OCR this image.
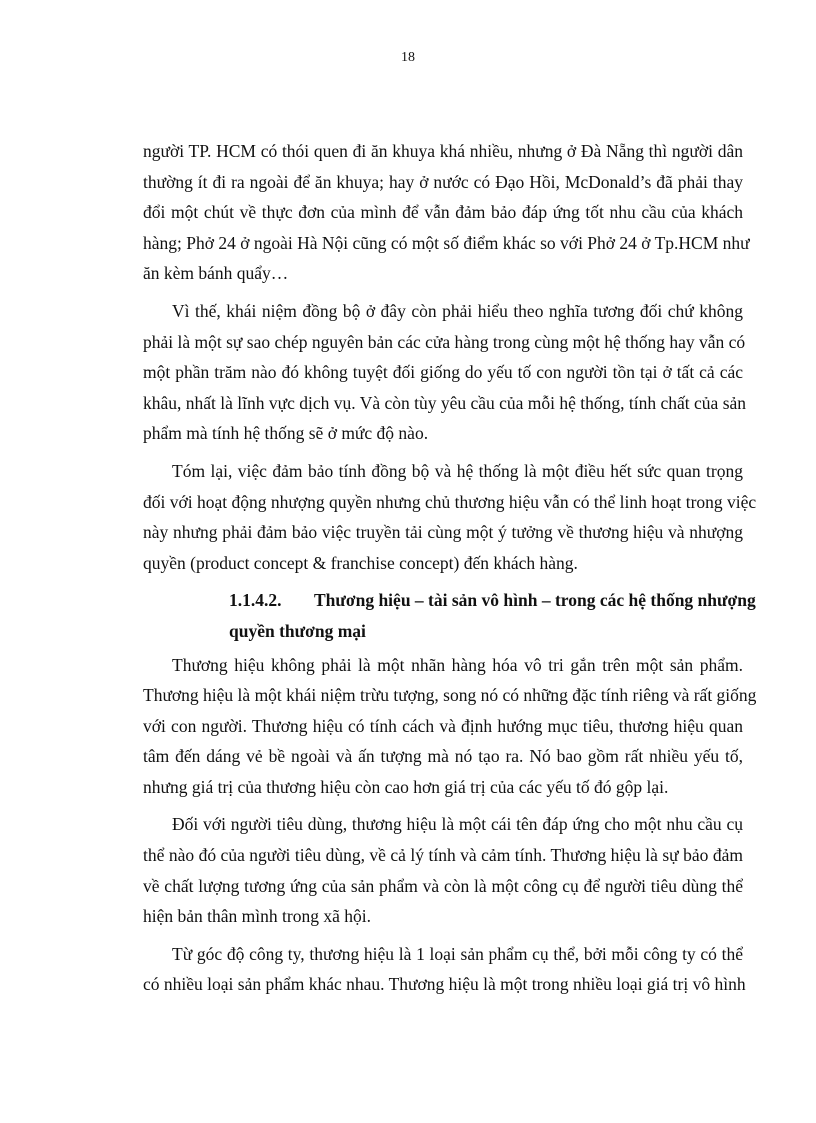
18

người TP. HCM có thói quen đi ăn khuya khá nhiều, nhưng ở Đà Nẵng thì người dân
thường ít đi ra ngoài để ăn khuya; hay ở nước có Đạo Hồi, McDonald’s đã phải thay
đổi một chút về thực đơn của mình để vẫn đảm bảo đáp ứng tốt nhu cầu của khách
hàng; Phở 24 ở ngoài Hà Nội cũng có một số điểm khác so với Phở 24 ở Tp.HCM như
ăn kèm bánh quẩy…

Vì thế, khái niệm đồng bộ ở đây còn phải hiểu theo nghĩa tương đối chứ không
phải là một sự sao chép nguyên bản các cửa hàng trong cùng một hệ thống hay vẫn có
một phần trăm nào đó không tuyệt đối giống do yếu tố con người tồn tại ở tất cả các
khâu, nhất là lĩnh vực dịch vụ. Và còn tùy yêu cầu của mỗi hệ thống, tính chất của sản
phẩm mà tính hệ thống sẽ ở mức độ nào.

Tóm lại, việc đảm bảo tính đồng bộ và hệ thống là một điều hết sức quan trọng
đối với hoạt động nhượng quyền nhưng chủ thương hiệu vẫn có thể linh hoạt trong việc
này nhưng phải đảm bảo việc truyền tải cùng một ý tưởng về thương hiệu và nhượng
quyền (product concept & franchise concept) đến khách hàng.

1.1.4.2. Thương hiệu – tài sản vô hình – trong các hệ thống nhượng
quyền thương mại

Thương hiệu không phải là một nhãn hàng hóa vô tri gắn trên một sản phẩm.
Thương hiệu là một khái niệm trừu tượng, song nó có những đặc tính riêng và rất giống
với con người. Thương hiệu có tính cách và định hướng mục tiêu, thương hiệu quan
tâm đến dáng vẻ bề ngoài và ấn tượng mà nó tạo ra. Nó bao gồm rất nhiều yếu tố,
nhưng giá trị của thương hiệu còn cao hơn giá trị của các yếu tố đó gộp lại.

Đối với người tiêu dùng, thương hiệu là một cái tên đáp ứng cho một nhu cầu cụ
thể nào đó của người tiêu dùng, về cả lý tính và cảm tính. Thương hiệu là sự bảo đảm
về chất lượng tương ứng của sản phẩm và còn là một công cụ để người tiêu dùng thể
hiện bản thân mình trong xã hội.

Từ góc độ công ty, thương hiệu là 1 loại sản phẩm cụ thể, bởi mỗi công ty có thể
có nhiều loại sản phẩm khác nhau. Thương hiệu là một trong nhiều loại giá trị vô hình
